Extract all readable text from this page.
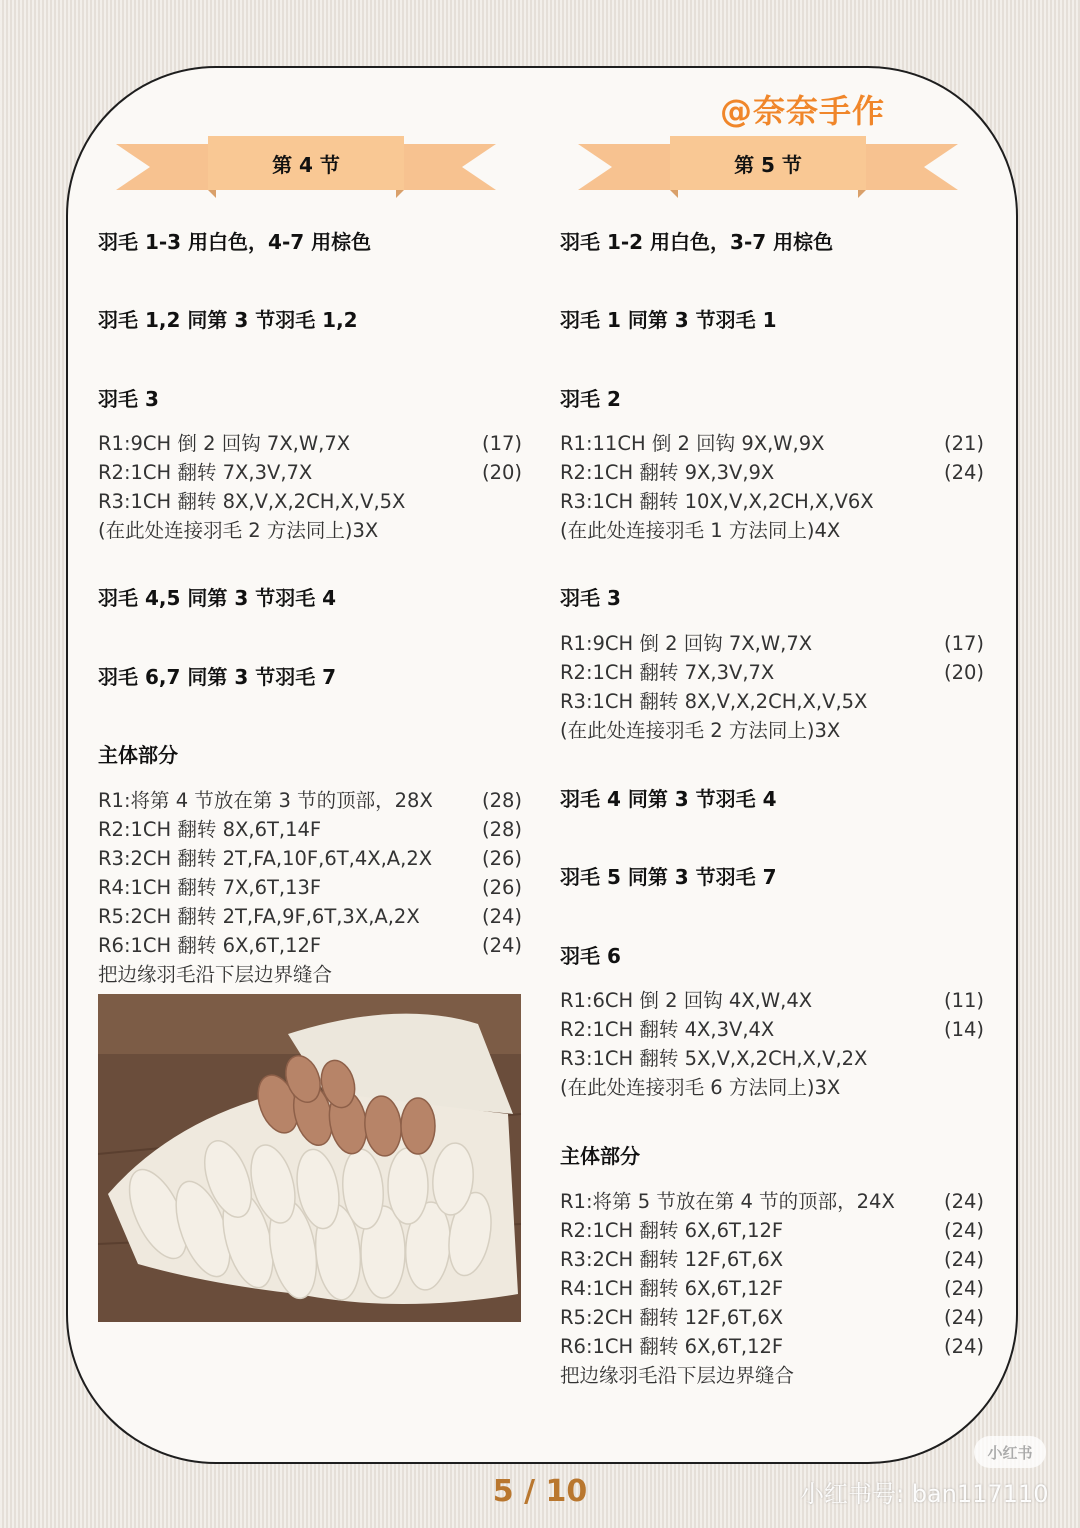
@奈奈手作
第 4 节	第 5 节
羽毛 1-3 用白色，4-7 用棕色
羽毛 1,2 同第 3 节羽毛 1,2
羽毛 3
R1:9CH 倒 2 回钩 7X,W,7X	(17)
R2:1CH 翻转 7X,3V,7X	(20)
R3:1CH 翻转 8X,V,X,2CH,X,V,5X
(在此处连接羽毛 2 方法同上)3X
羽毛 4,5 同第 3 节羽毛 4
羽毛 6,7 同第 3 节羽毛 7
主体部分
R1:将第 4 节放在第 3 节的顶部，28X	(28)
R2:1CH 翻转 8X,6T,14F	(28)
R3:2CH 翻转 2T,FA,10F,6T,4X,A,2X	(26)
R4:1CH 翻转 7X,6T,13F	(26)
R5:2CH 翻转 2T,FA,9F,6T,3X,A,2X	(24)
R6:1CH 翻转 6X,6T,12F	(24)
把边缘羽毛沿下层边界缝合
羽毛 1-2 用白色，3-7 用棕色
羽毛 1 同第 3 节羽毛 1
羽毛 2
R1:11CH 倒 2 回钩 9X,W,9X	(21)
R2:1CH 翻转 9X,3V,9X	(24)
R3:1CH 翻转 10X,V,X,2CH,X,V6X
(在此处连接羽毛 1 方法同上)4X
羽毛 3
R1:9CH 倒 2 回钩 7X,W,7X	(17)
R2:1CH 翻转 7X,3V,7X	(20)
R3:1CH 翻转 8X,V,X,2CH,X,V,5X
(在此处连接羽毛 2 方法同上)3X
羽毛 4 同第 3 节羽毛 4
羽毛 5 同第 3 节羽毛 7
羽毛 6
R1:6CH 倒 2 回钩 4X,W,4X	(11)
R2:1CH 翻转 4X,3V,4X	(14)
R3:1CH 翻转 5X,V,X,2CH,X,V,2X
(在此处连接羽毛 6 方法同上)3X
主体部分
R1:将第 5 节放在第 4 节的顶部，24X	(24)
R2:1CH 翻转 6X,6T,12F	(24)
R3:2CH 翻转 12F,6T,6X	(24)
R4:1CH 翻转 6X,6T,12F	(24)
R5:2CH 翻转 12F,6T,6X	(24)
R6:1CH 翻转 6X,6T,12F	(24)
把边缘羽毛沿下层边界缝合
5 / 10
小红书
小红书号: ban117110
